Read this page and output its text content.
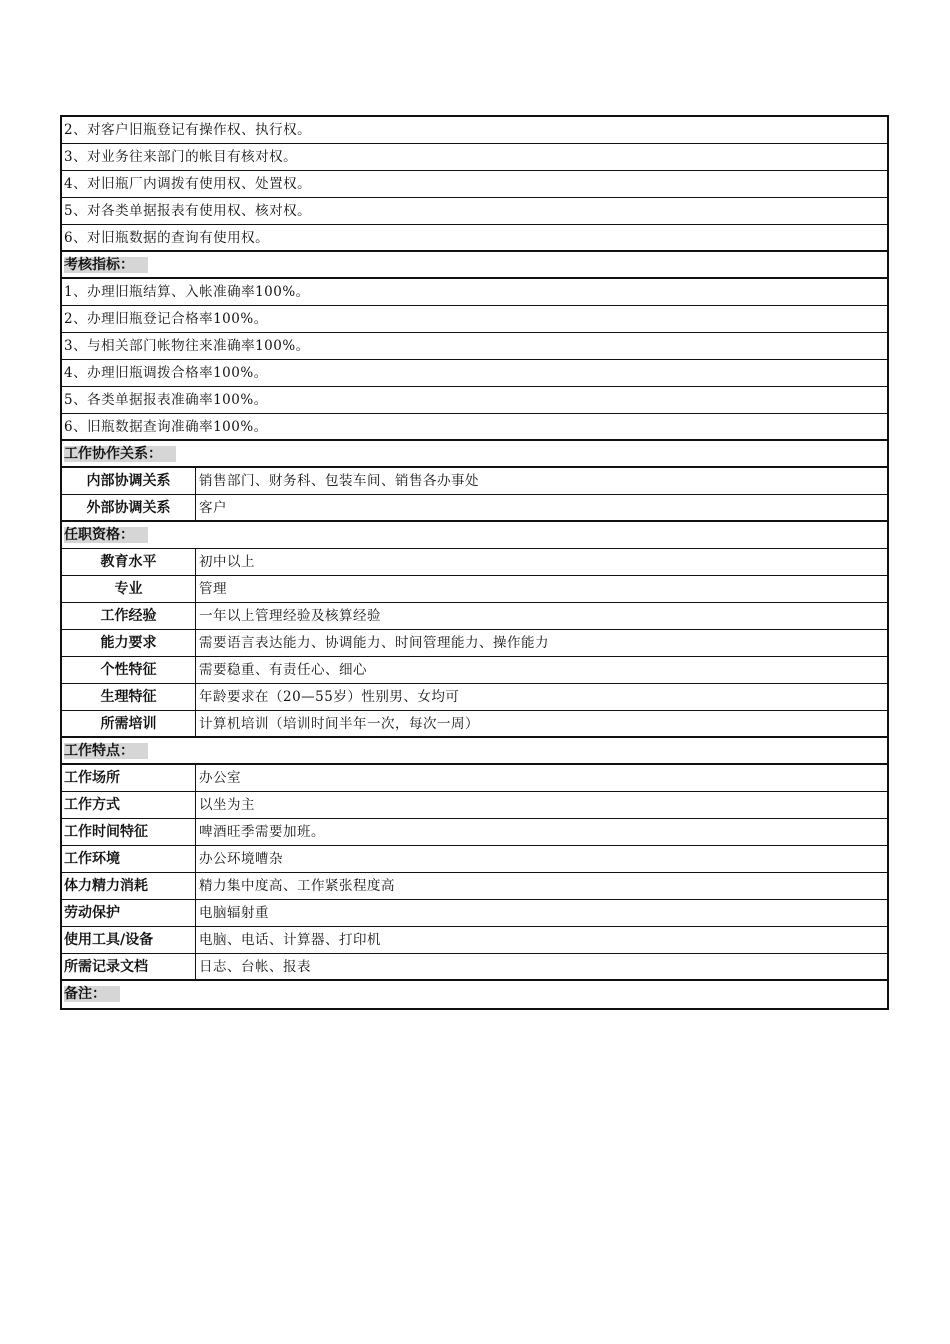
2、对客户旧瓶登记有操作权、执行权。
3、对业务往来部门的帐目有核对权。
4、对旧瓶厂内调拨有使用权、处置权。
5、对各类单据报表有使用权、核对权。
6、对旧瓶数据的查询有使用权。
考核指标：
1、办理旧瓶结算、入帐准确率100%。
2、办理旧瓶登记合格率100%。
3、与相关部门帐物往来准确率100%。
4、办理旧瓶调拨合格率100%。
5、各类单据报表准确率100%。
6、旧瓶数据查询准确率100%。
工作协作关系：
内部协调关系	销售部门、财务科、包装车间、销售各办事处
外部协调关系	客户
任职资格：
教育水平	初中以上
专业	管理
工作经验	一年以上管理经验及核算经验
能力要求	需要语言表达能力、协调能力、时间管理能力、操作能力
个性特征	需要稳重、有责任心、细心
生理特征	年龄要求在（20—55岁）性别男、女均可
所需培训	计算机培训（培训时间半年一次，每次一周）
工作特点：
工作场所	办公室
工作方式	以坐为主
工作时间特征	啤酒旺季需要加班。
工作环境	办公环境嘈杂
体力精力消耗	精力集中度高、工作紧张程度高
劳动保护	电脑辐射重
使用工具/设备	电脑、电话、计算器、打印机
所需记录文档	日志、台帐、报表
备注：
